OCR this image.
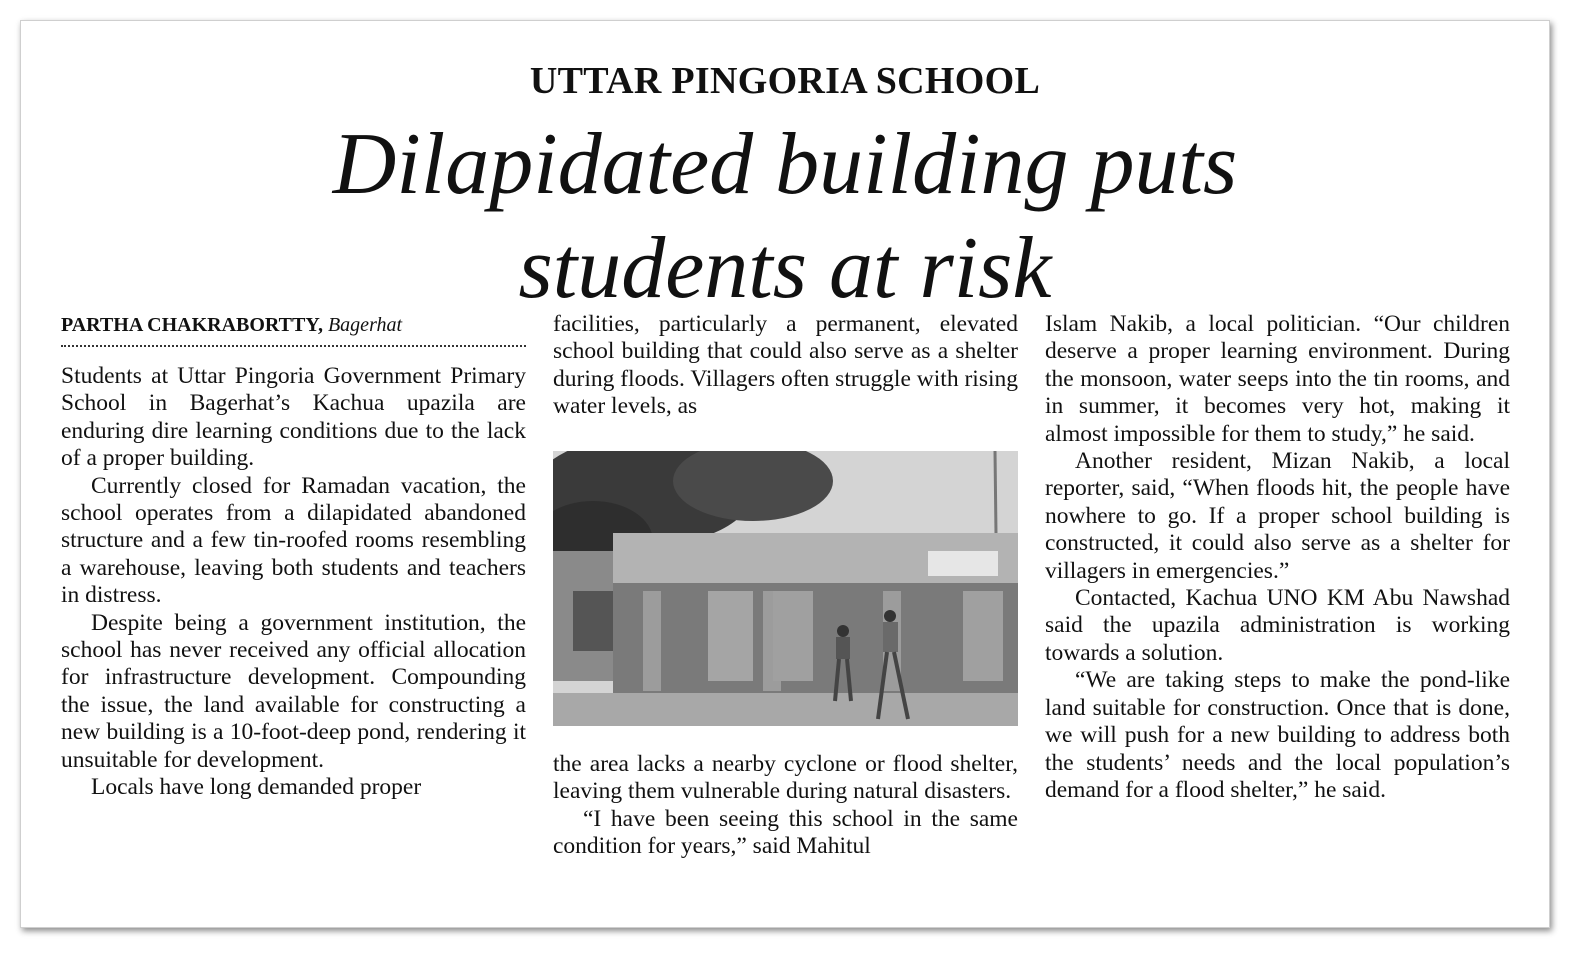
UTTAR PINGORIA SCHOOL
Dilapidated building puts
students at risk
PARTHA CHAKRABORTTY, Bagerhat

Students at Uttar Pingoria Government Primary School in Bagerhat’s Kachua upazila are enduring dire learning conditions due to the lack of a proper building.

Currently closed for Ramadan vacation, the school operates from a dilapidated abandoned structure and a few tin-roofed rooms resembling a warehouse, leaving both students and teachers in distress.

Despite being a government institution, the school has never received any official allocation for infrastructure development. Compounding the issue, the land available for constructing a new building is a 10-foot-deep pond, rendering it unsuitable for development.

Locals have long demanded proper

facilities, particularly a permanent, elevated school building that could also serve as a shelter during floods. Villagers often struggle with rising water levels, as

the area lacks a nearby cyclone or flood shelter, leaving them vulnerable during natural disasters.

“I have been seeing this school in the same condition for years,” said Mahitul

Islam Nakib, a local politician. “Our children deserve a proper learning environment. During the monsoon, water seeps into the tin rooms, and in summer, it becomes very hot, making it almost impossible for them to study,” he said.

Another resident, Mizan Nakib, a local reporter, said, “When floods hit, the people have nowhere to go. If a proper school building is constructed, it could also serve as a shelter for villagers in emergencies.”

Contacted, Kachua UNO KM Abu Nawshad said the upazila administration is working towards a solution.

“We are taking steps to make the pond-like land suitable for construction. Once that is done, we will push for a new building to address both the students’ needs and the local population’s demand for a flood shelter,” he said.
